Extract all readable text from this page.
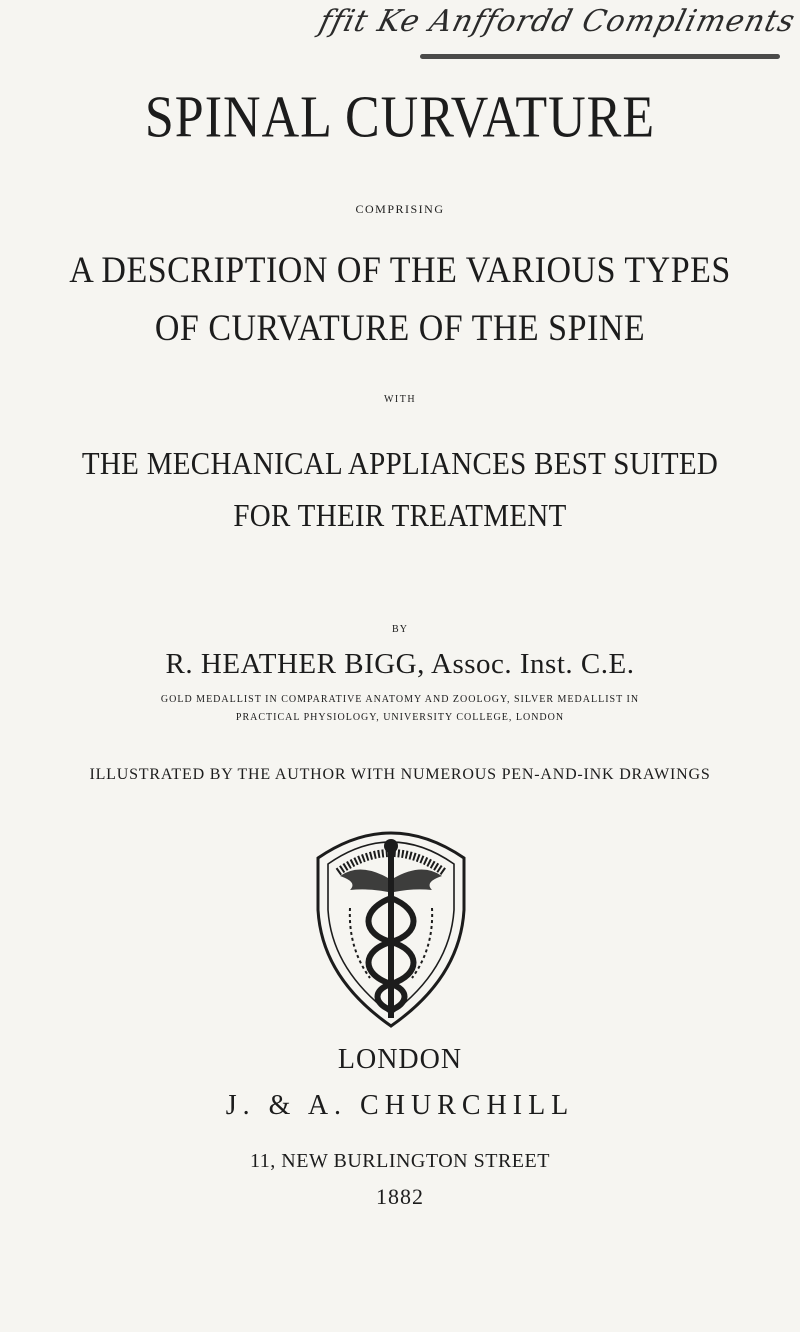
ffit Ke Anffordd Compliments
SPINAL CURVATURE
COMPRISING
A DESCRIPTION OF THE VARIOUS TYPES
OF CURVATURE OF THE SPINE
WITH
THE MECHANICAL APPLIANCES BEST SUITED
FOR THEIR TREATMENT
BY
R. HEATHER BIGG, Assoc. Inst. C.E.
GOLD MEDALLIST IN COMPARATIVE ANATOMY AND ZOOLOGY, SILVER MEDALLIST IN
PRACTICAL PHYSIOLOGY, UNIVERSITY COLLEGE, LONDON
ILLUSTRATED BY THE AUTHOR WITH NUMEROUS PEN-AND-INK DRAWINGS
LONDON
J. & A. CHURCHILL
11, NEW BURLINGTON STREET
1882
